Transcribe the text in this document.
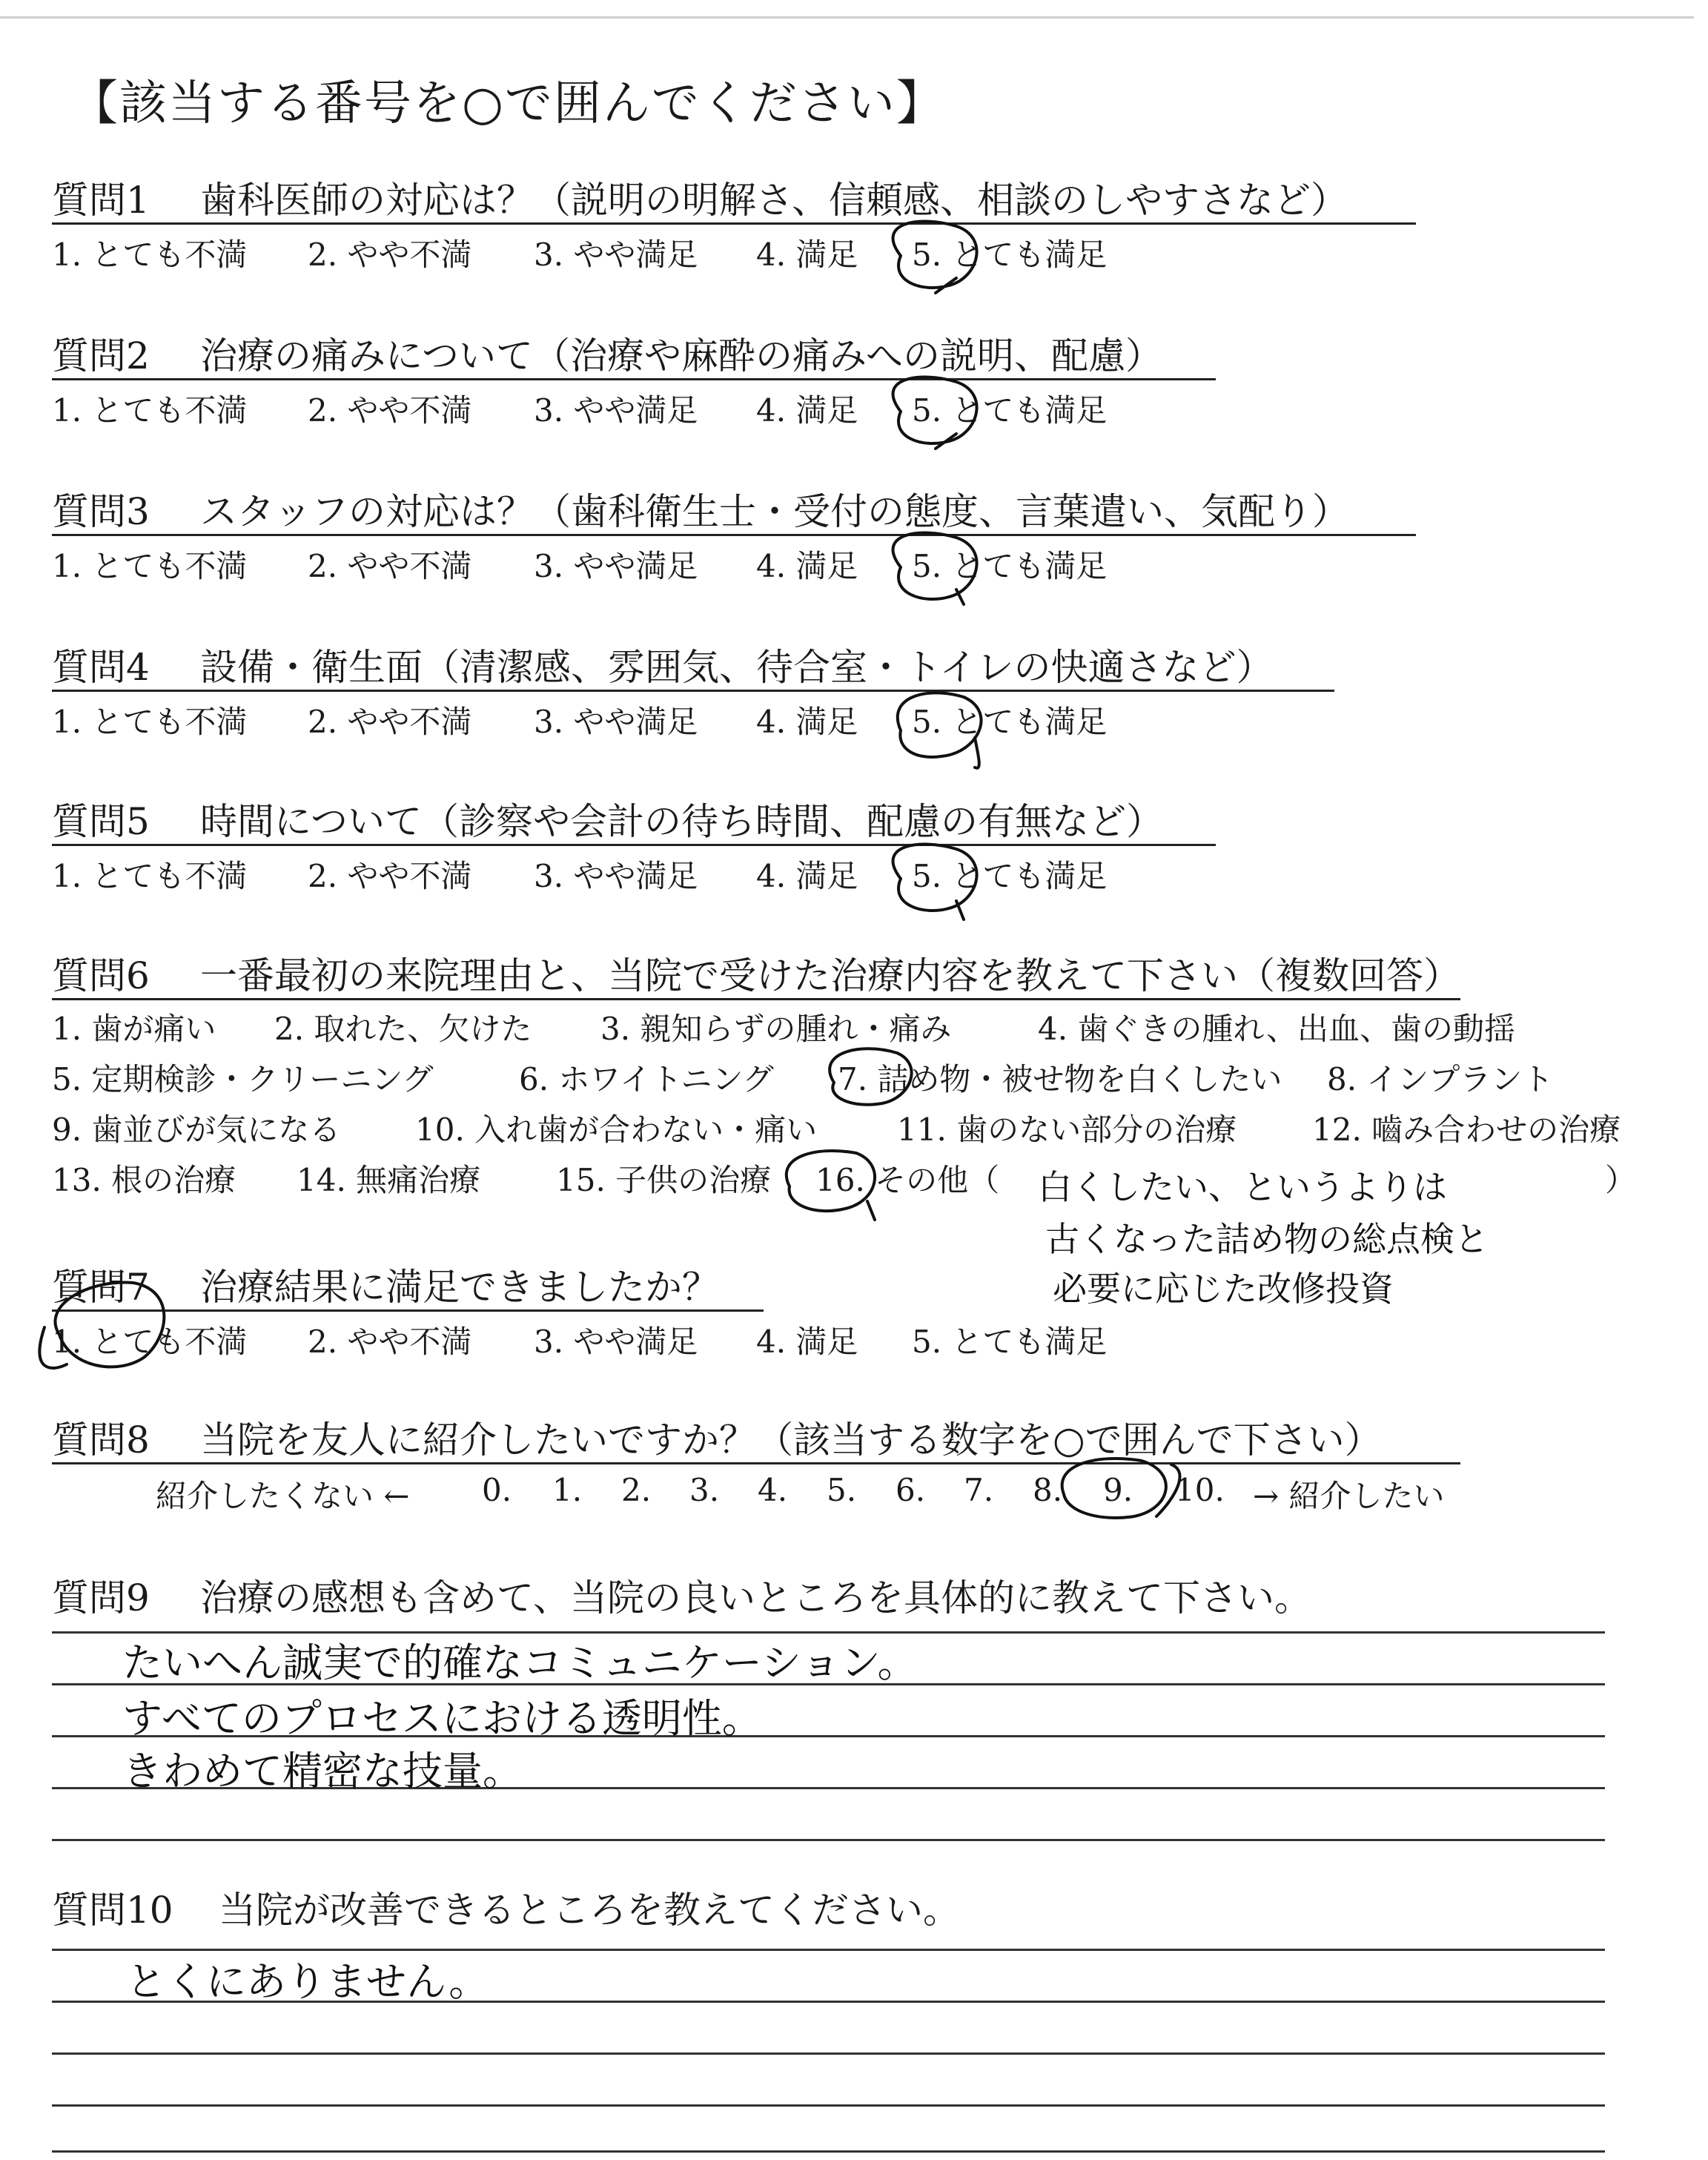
【該当する番号を○で囲んでください】
質問1 歯科医師の対応は？（説明の明解さ、信頼感、相談のしやすさなど）
1. とても不満 2. やや不満 3. やや満足 4. 満足 5. とても満足
質問2 治療の痛みについて（治療や麻酔の痛みへの説明、配慮）
1. とても不満 2. やや不満 3. やや満足 4. 満足 5. とても満足
質問3 スタッフの対応は？（歯科衛生士・受付の態度、言葉遣い、気配り）
1. とても不満 2. やや不満 3. やや満足 4. 満足 5. とても満足
質問4 設備・衛生面（清潔感、雰囲気、待合室・トイレの快適さなど）
1. とても不満 2. やや不満 3. やや満足 4. 満足 5. とても満足
質問5 時間について（診察や会計の待ち時間、配慮の有無など）
1. とても不満 2. やや不満 3. やや満足 4. 満足 5. とても満足
質問6 一番最初の来院理由と、当院で受けた治療内容を教えて下さい（複数回答）
1. 歯が痛い 2. 取れた、欠けた 3. 親知らずの腫れ・痛み	4. 歯ぐきの腫れ、出血、歯の動揺
5. 定期検診・クリーニング	6. ホワイトニング 7. 詰め物・被せ物を白くしたい 8. インプラント
9. 歯並びが気になる 10. 入れ歯が合わない・痛い	11. 歯のない部分の治療 12. 嚙み合わせの治療
13. 根の治療 14. 無痛治療 15. 子供の治療 16. その他（	）
白くしたい、というよりは
古くなった詰め物の総点検と
必要に応じた改修投資
質問7 治療結果に満足できましたか？
1. とても不満 2. やや不満 3. やや満足 4. 満足 5. とても満足
質問8 当院を友人に紹介したいですか？（該当する数字を○で囲んで下さい）
紹介したくない ← 0. 1. 2. 3. 4. 5. 6. 7. 8. 9. 10. → 紹介したい
質問9 治療の感想も含めて、当院の良いところを具体的に教えて下さい。
たいへん誠実で的確なコミュニケーション。
すべてのプロセスにおける透明性。
きわめて精密な技量。
質問10 当院が改善できるところを教えてください。
とくにありません。
